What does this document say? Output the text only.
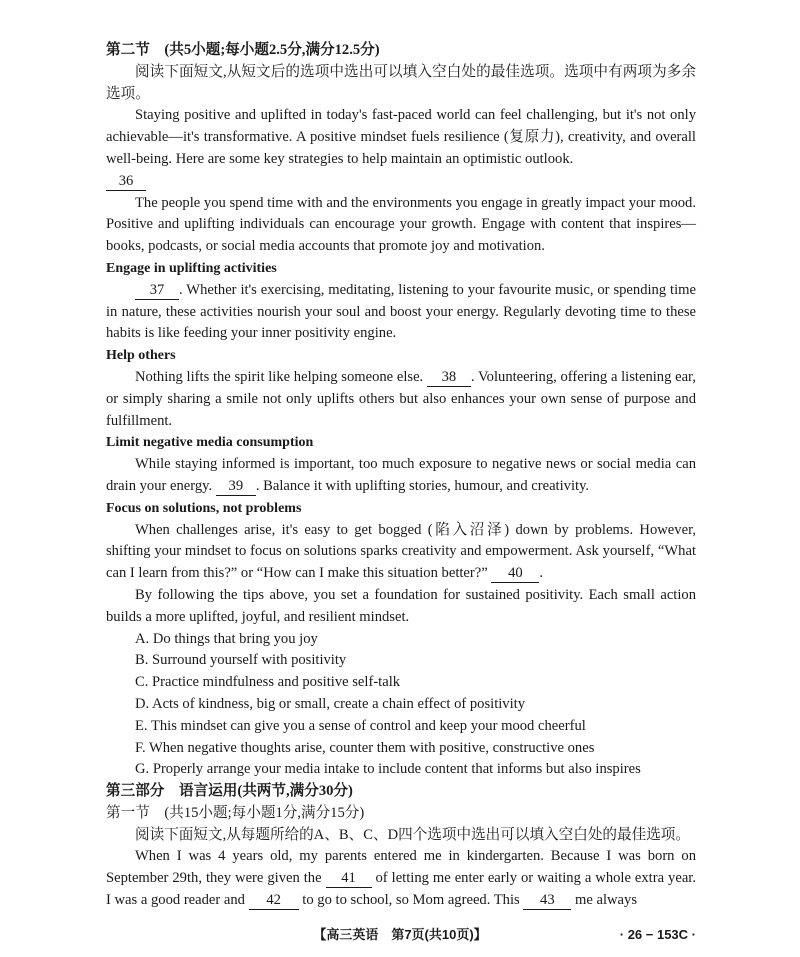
第二节　(共5小题;每小题2.5分,满分12.5分)
阅读下面短文,从短文后的选项中选出可以填入空白处的最佳选项。选项中有两项为多余选项。
Staying positive and uplifted in today's fast-paced world can feel challenging, but it's not only achievable—it's transformative. A positive mindset fuels resilience (复原力), creativity, and overall well-being. Here are some key strategies to help maintain an optimistic outlook.
36
The people you spend time with and the environments you engage in greatly impact your mood. Positive and uplifting individuals can encourage your growth. Engage with content that inspires—books, podcasts, or social media accounts that promote joy and motivation.
Engage in uplifting activities
37 . Whether it's exercising, meditating, listening to your favourite music, or spending time in nature, these activities nourish your soul and boost your energy. Regularly devoting time to these habits is like feeding your inner positivity engine.
Help others
Nothing lifts the spirit like helping someone else. 38 . Volunteering, offering a listening ear, or simply sharing a smile not only uplifts others but also enhances your own sense of purpose and fulfillment.
Limit negative media consumption
While staying informed is important, too much exposure to negative news or social media can drain your energy. 39 . Balance it with uplifting stories, humour, and creativity.
Focus on solutions, not problems
When challenges arise, it's easy to get bogged (陷入沼泽) down by problems. However, shifting your mindset to focus on solutions sparks creativity and empowerment. Ask yourself, “What can I learn from this?” or “How can I make this situation better?” 40 .
By following the tips above, you set a foundation for sustained positivity. Each small action builds a more uplifted, joyful, and resilient mindset.
A. Do things that bring you joy
B. Surround yourself with positivity
C. Practice mindfulness and positive self-talk
D. Acts of kindness, big or small, create a chain effect of positivity
E. This mindset can give you a sense of control and keep your mood cheerful
F. When negative thoughts arise, counter them with positive, constructive ones
G. Properly arrange your media intake to include content that informs but also inspires
第三部分　语言运用(共两节,满分30分)
第一节　(共15小题;每小题1分,满分15分)
阅读下面短文,从每题所给的A、B、C、D四个选项中选出可以填入空白处的最佳选项。
When I was 4 years old, my parents entered me in kindergarten. Because I was born on September 29th, they were given the 41 of letting me enter early or waiting a whole extra year. I was a good reader and 42 to go to school, so Mom agreed. This 43 me always
【高三英语　第7页(共10页)】	· 26 − 153C ·
